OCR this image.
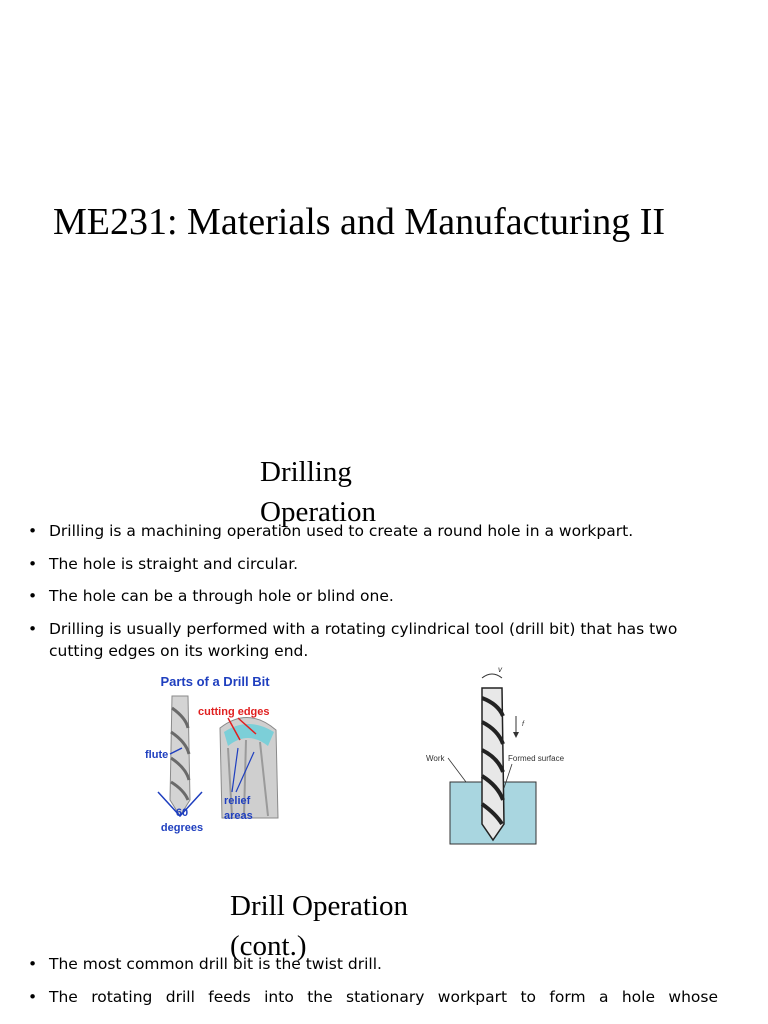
ME231: Materials and Manufacturing II
Drilling Operation
• Drilling is a machining operation used to create a round hole in a workpart.
• The hole is straight and circular.
• The hole can be a through hole or blind one.
• Drilling is usually performed with a rotating cylindrical tool (drill bit) that has two cutting edges on its working end.
Parts of a Drill Bit
cutting edges
flute
relief
areas
60
degrees
v
f
Work	Formed surface
Drill Operation (cont.)
• The most common drill bit is the twist drill.
• The rotating drill feeds into the stationary workpart to form a hole whose
